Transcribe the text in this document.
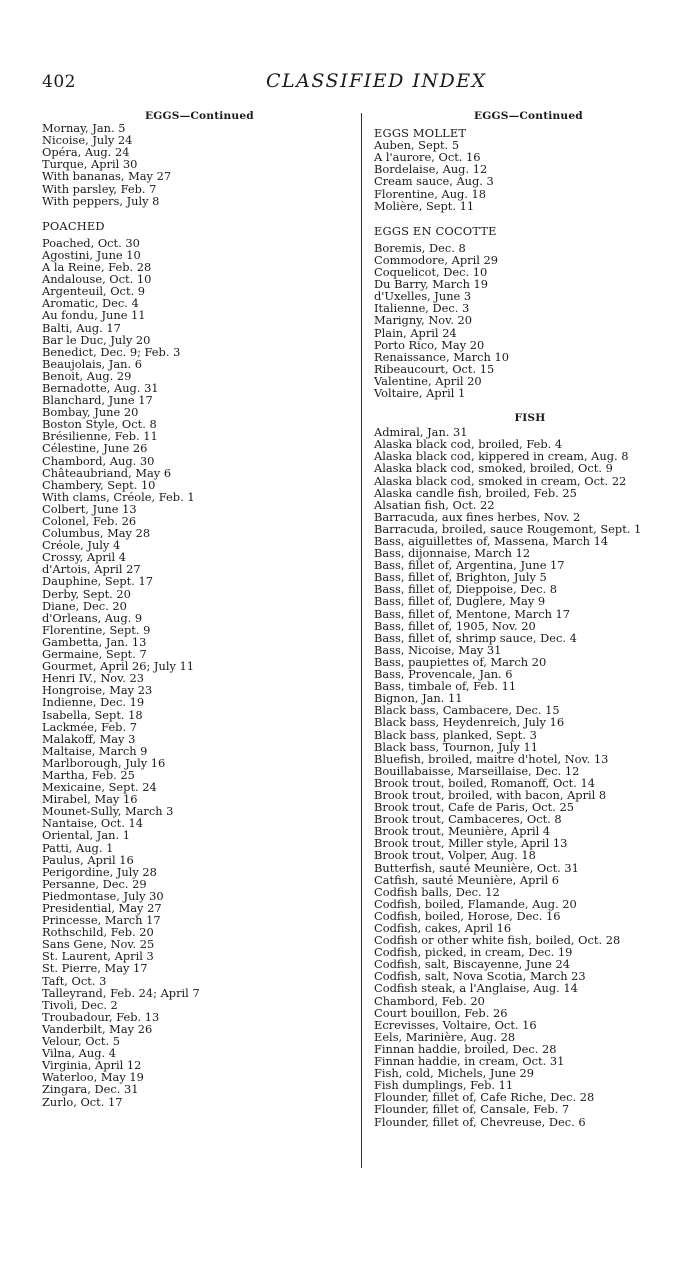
402	CLASSIFIED INDEX
EGGS—Continued
Mornay, Jan. 5
Nicoise, July 24
Opéra, Aug. 24
Turque, April 30
With bananas, May 27
With parsley, Feb. 7
With peppers, July 8
POACHED
Poached, Oct. 30
Agostini, June 10
A la Reine, Feb. 28
Andalouse, Oct. 10
Argenteuil, Oct. 9
Aromatic, Dec. 4
Au fondu, June 11
Balti, Aug. 17
Bar le Duc, July 20
Benedict, Dec. 9; Feb. 3
Beaujolais, Jan. 6
Benoit, Aug. 29
Bernadotte, Aug. 31
Blanchard, June 17
Bombay, June 20
Boston Style, Oct. 8
Brésilienne, Feb. 11
Célestine, June 26
Chambord, Aug. 30
Châteaubriand, May 6
Chambery, Sept. 10
With clams, Créole, Feb. 1
Colbert, June 13
Colonel, Feb. 26
Columbus, May 28
Créole, July 4
Crossy, April 4
d'Artois, April 27
Dauphine, Sept. 17
Derby, Sept. 20
Diane, Dec. 20
d'Orleans, Aug. 9
Florentine, Sept. 9
Gambetta, Jan. 13
Germaine, Sept. 7
Gourmet, April 26; July 11
Henri IV., Nov. 23
Hongroise, May 23
Indienne, Dec. 19
Isabella, Sept. 18
Lackmée, Feb. 7
Malakoff, May 3
Maltaise, March 9
Marlborough, July 16
Martha, Feb. 25
Mexicaine, Sept. 24
Mirabel, May 16
Mounet-Sully, March 3
Nantaise, Oct. 14
Oriental, Jan. 1
Patti, Aug. 1
Paulus, April 16
Perigordine, July 28
Persanne, Dec. 29
Piedmontase, July 30
Presidential, May 27
Princesse, March 17
Rothschild, Feb. 20
Sans Gene, Nov. 25
St. Laurent, April 3
St. Pierre, May 17
Taft, Oct. 3
Talleyrand, Feb. 24; April 7
Tivoli, Dec. 2
Troubadour, Feb. 13
Vanderbilt, May 26
Velour, Oct. 5
Vilna, Aug. 4
Virginia, April 12
Waterloo, May 19
Zingara, Dec. 31
Zurlo, Oct. 17
EGGS—Continued
EGGS MOLLET
Auben, Sept. 5
A l'aurore, Oct. 16
Bordelaise, Aug. 12
Cream sauce, Aug. 3
Florentine, Aug. 18
Molière, Sept. 11
EGGS EN COCOTTE
Boremis, Dec. 8
Commodore, April 29
Coquelicot, Dec. 10
Du Barry, March 19
d'Uxelles, June 3
Italienne, Dec. 3
Marigny, Nov. 20
Plain, April 24
Porto Rico, May 20
Renaissance, March 10
Ribeaucourt, Oct. 15
Valentine, April 20
Voltaire, April 1
FISH
Admiral, Jan. 31
Alaska black cod, broiled, Feb. 4
Alaska black cod, kippered in cream, Aug. 8
Alaska black cod, smoked, broiled, Oct. 9
Alaska black cod, smoked in cream, Oct. 22
Alaska candle fish, broiled, Feb. 25
Alsatian fish, Oct. 22
Barracuda, aux fines herbes, Nov. 2
Barracuda, broiled, sauce Rougemont, Sept. 1
Bass, aiguillettes of, Massena, March 14
Bass, dijonnaise, March 12
Bass, fillet of, Argentina, June 17
Bass, fillet of, Brighton, July 5
Bass, fillet of, Dieppoise, Dec. 8
Bass, fillet of, Duglere, May 9
Bass, fillet of, Mentone, March 17
Bass, fillet of, 1905, Nov. 20
Bass, fillet of, shrimp sauce, Dec. 4
Bass, Nicoise, May 31
Bass, paupiettes of, March 20
Bass, Provencale, Jan. 6
Bass, timbale of, Feb. 11
Bignon, Jan. 11
Black bass, Cambacere, Dec. 15
Black bass, Heydenreich, July 16
Black bass, planked, Sept. 3
Black bass, Tournon, July 11
Bluefish, broiled, maitre d'hotel, Nov. 13
Bouillabaisse, Marseillaise, Dec. 12
Brook trout, boiled, Romanoff, Oct. 14
Brook trout, broiled, with bacon, April 8
Brook trout, Cafe de Paris, Oct. 25
Brook trout, Cambaceres, Oct. 8
Brook trout, Meunière, April 4
Brook trout, Miller style, April 13
Brook trout, Volper, Aug. 18
Butterfish, sauté Meunière, Oct. 31
Catfish, sauté Meunière, April 6
Codfish balls, Dec. 12
Codfish, boiled, Flamande, Aug. 20
Codfish, boiled, Horose, Dec. 16
Codfish, cakes, April 16
Codfish or other white fish, boiled, Oct. 28
Codfish, picked, in cream, Dec. 19
Codfish, salt, Biscayenne, June 24
Codfish, salt, Nova Scotia, March 23
Codfish steak, a l'Anglaise, Aug. 14
Chambord, Feb. 20
Court bouillon, Feb. 26
Ecrevisses, Voltaire, Oct. 16
Eels, Marinière, Aug. 28
Finnan haddie, broiled, Dec. 28
Finnan haddie, in cream, Oct. 31
Fish, cold, Michels, June 29
Fish dumplings, Feb. 11
Flounder, fillet of, Cafe Riche, Dec. 28
Flounder, fillet of, Cansale, Feb. 7
Flounder, fillet of, Chevreuse, Dec. 6
